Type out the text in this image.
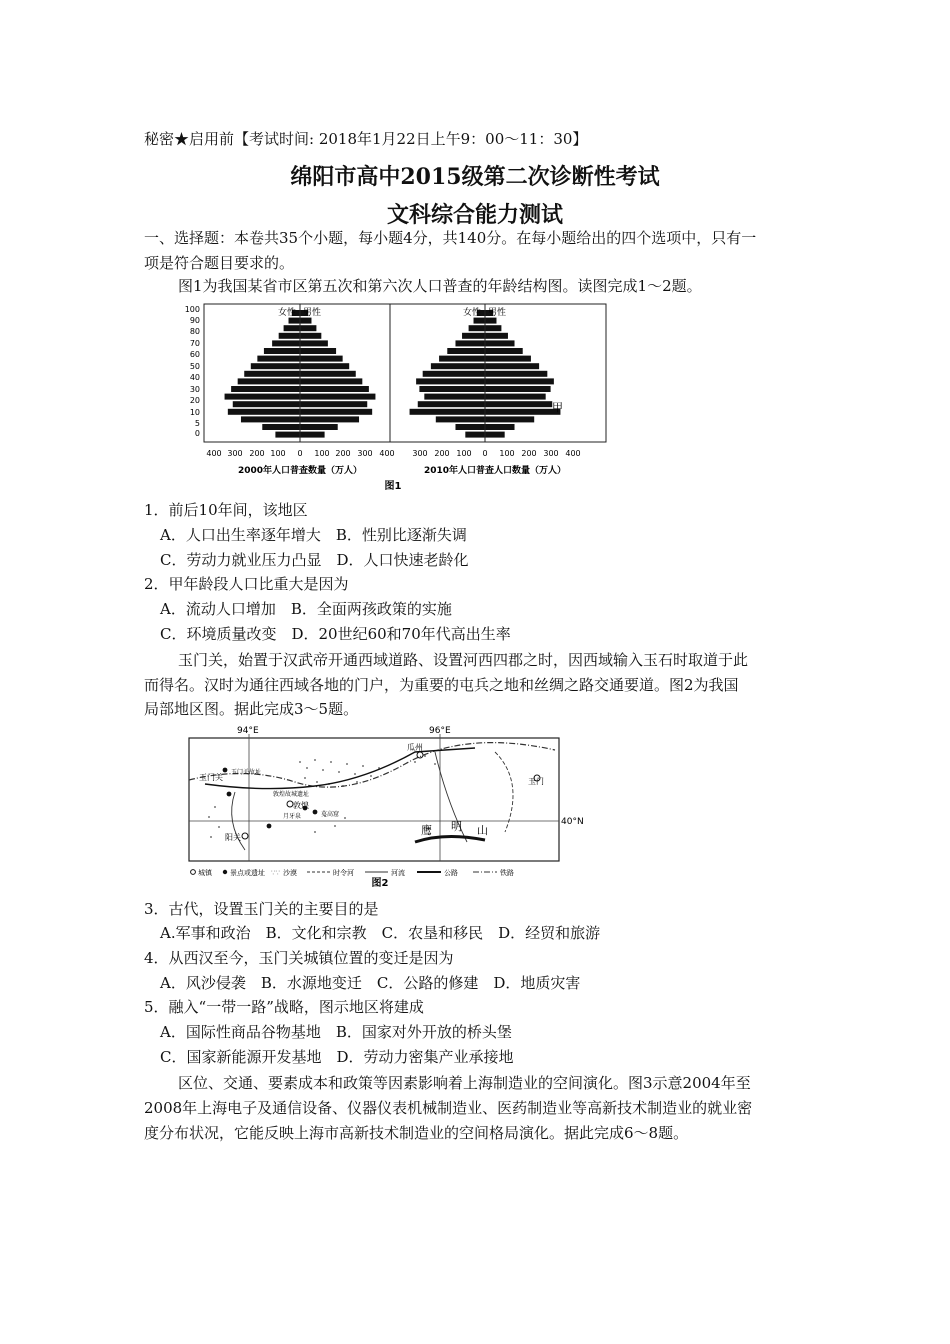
秘密★启用前【考试时间: 2018年1月22日上午9：00～11：30】
绵阳市高中2015级第二次诊断性考试
文科综合能力测试
一、选择题：本卷共35个小题，每小题4分，共140分。在每小题给出的四个选项中，只有一
项是符合题目要求的。
图1为我国某省市区第五次和第六次人口普查的年龄结构图。读图完成1～2题。
女性 男性	女性 男性
甲
100
90
80
70
60
50
40
30
20
10
5
0
400 300 200 100 0 100 200 300 400 300 200 100 0 100 200 300 400
2000年人口普查数量（万人）	2010年人口普查人口数量（万人）
图1
1．前后10年间，该地区
A．人口出生率逐年增大　B．性别比逐渐失调
C．劳动力就业压力凸显　D．人口快速老龄化
2．甲年龄段人口比重大是因为
A．流动人口增加　B．全面两孩政策的实施
C．环境质量改变　D．20世纪60和70年代高出生率
玉门关，始置于汉武帝开通西域道路、设置河西四郡之时，因西域输入玉石时取道于此
而得名。汉时为通往西域各地的门户，为重要的屯兵之地和丝绸之路交通要道。图2为我国
局部地区图。据此完成3～5题。
94°E	96°E
40°N
玉门关
玉门关故址
敦煌故城遗址
敦煌
月牙泉	莫高窟
阳关
瓜州
玉门
鹰 明 山
城镇	景点或遗址 ∵∵ 沙漠	时令河	河流	公路	铁路
图2
3．古代，设置玉门关的主要目的是
A.军事和政治　B．文化和宗教　C．农垦和移民　D．经贸和旅游
4．从西汉至今，玉门关城镇位置的变迁是因为
A．风沙侵袭　B．水源地变迁　C．公路的修建　D．地质灾害
5．融入“一带一路”战略，图示地区将建成
A．国际性商品谷物基地　B．国家对外开放的桥头堡
C．国家新能源开发基地　D．劳动力密集产业承接地
区位、交通、要素成本和政策等因素影响着上海制造业的空间演化。图3示意2004年至
2008年上海电子及通信设备、仪器仪表机械制造业、医药制造业等高新技术制造业的就业密
度分布状况，它能反映上海市高新技术制造业的空间格局演化。据此完成6～8题。
